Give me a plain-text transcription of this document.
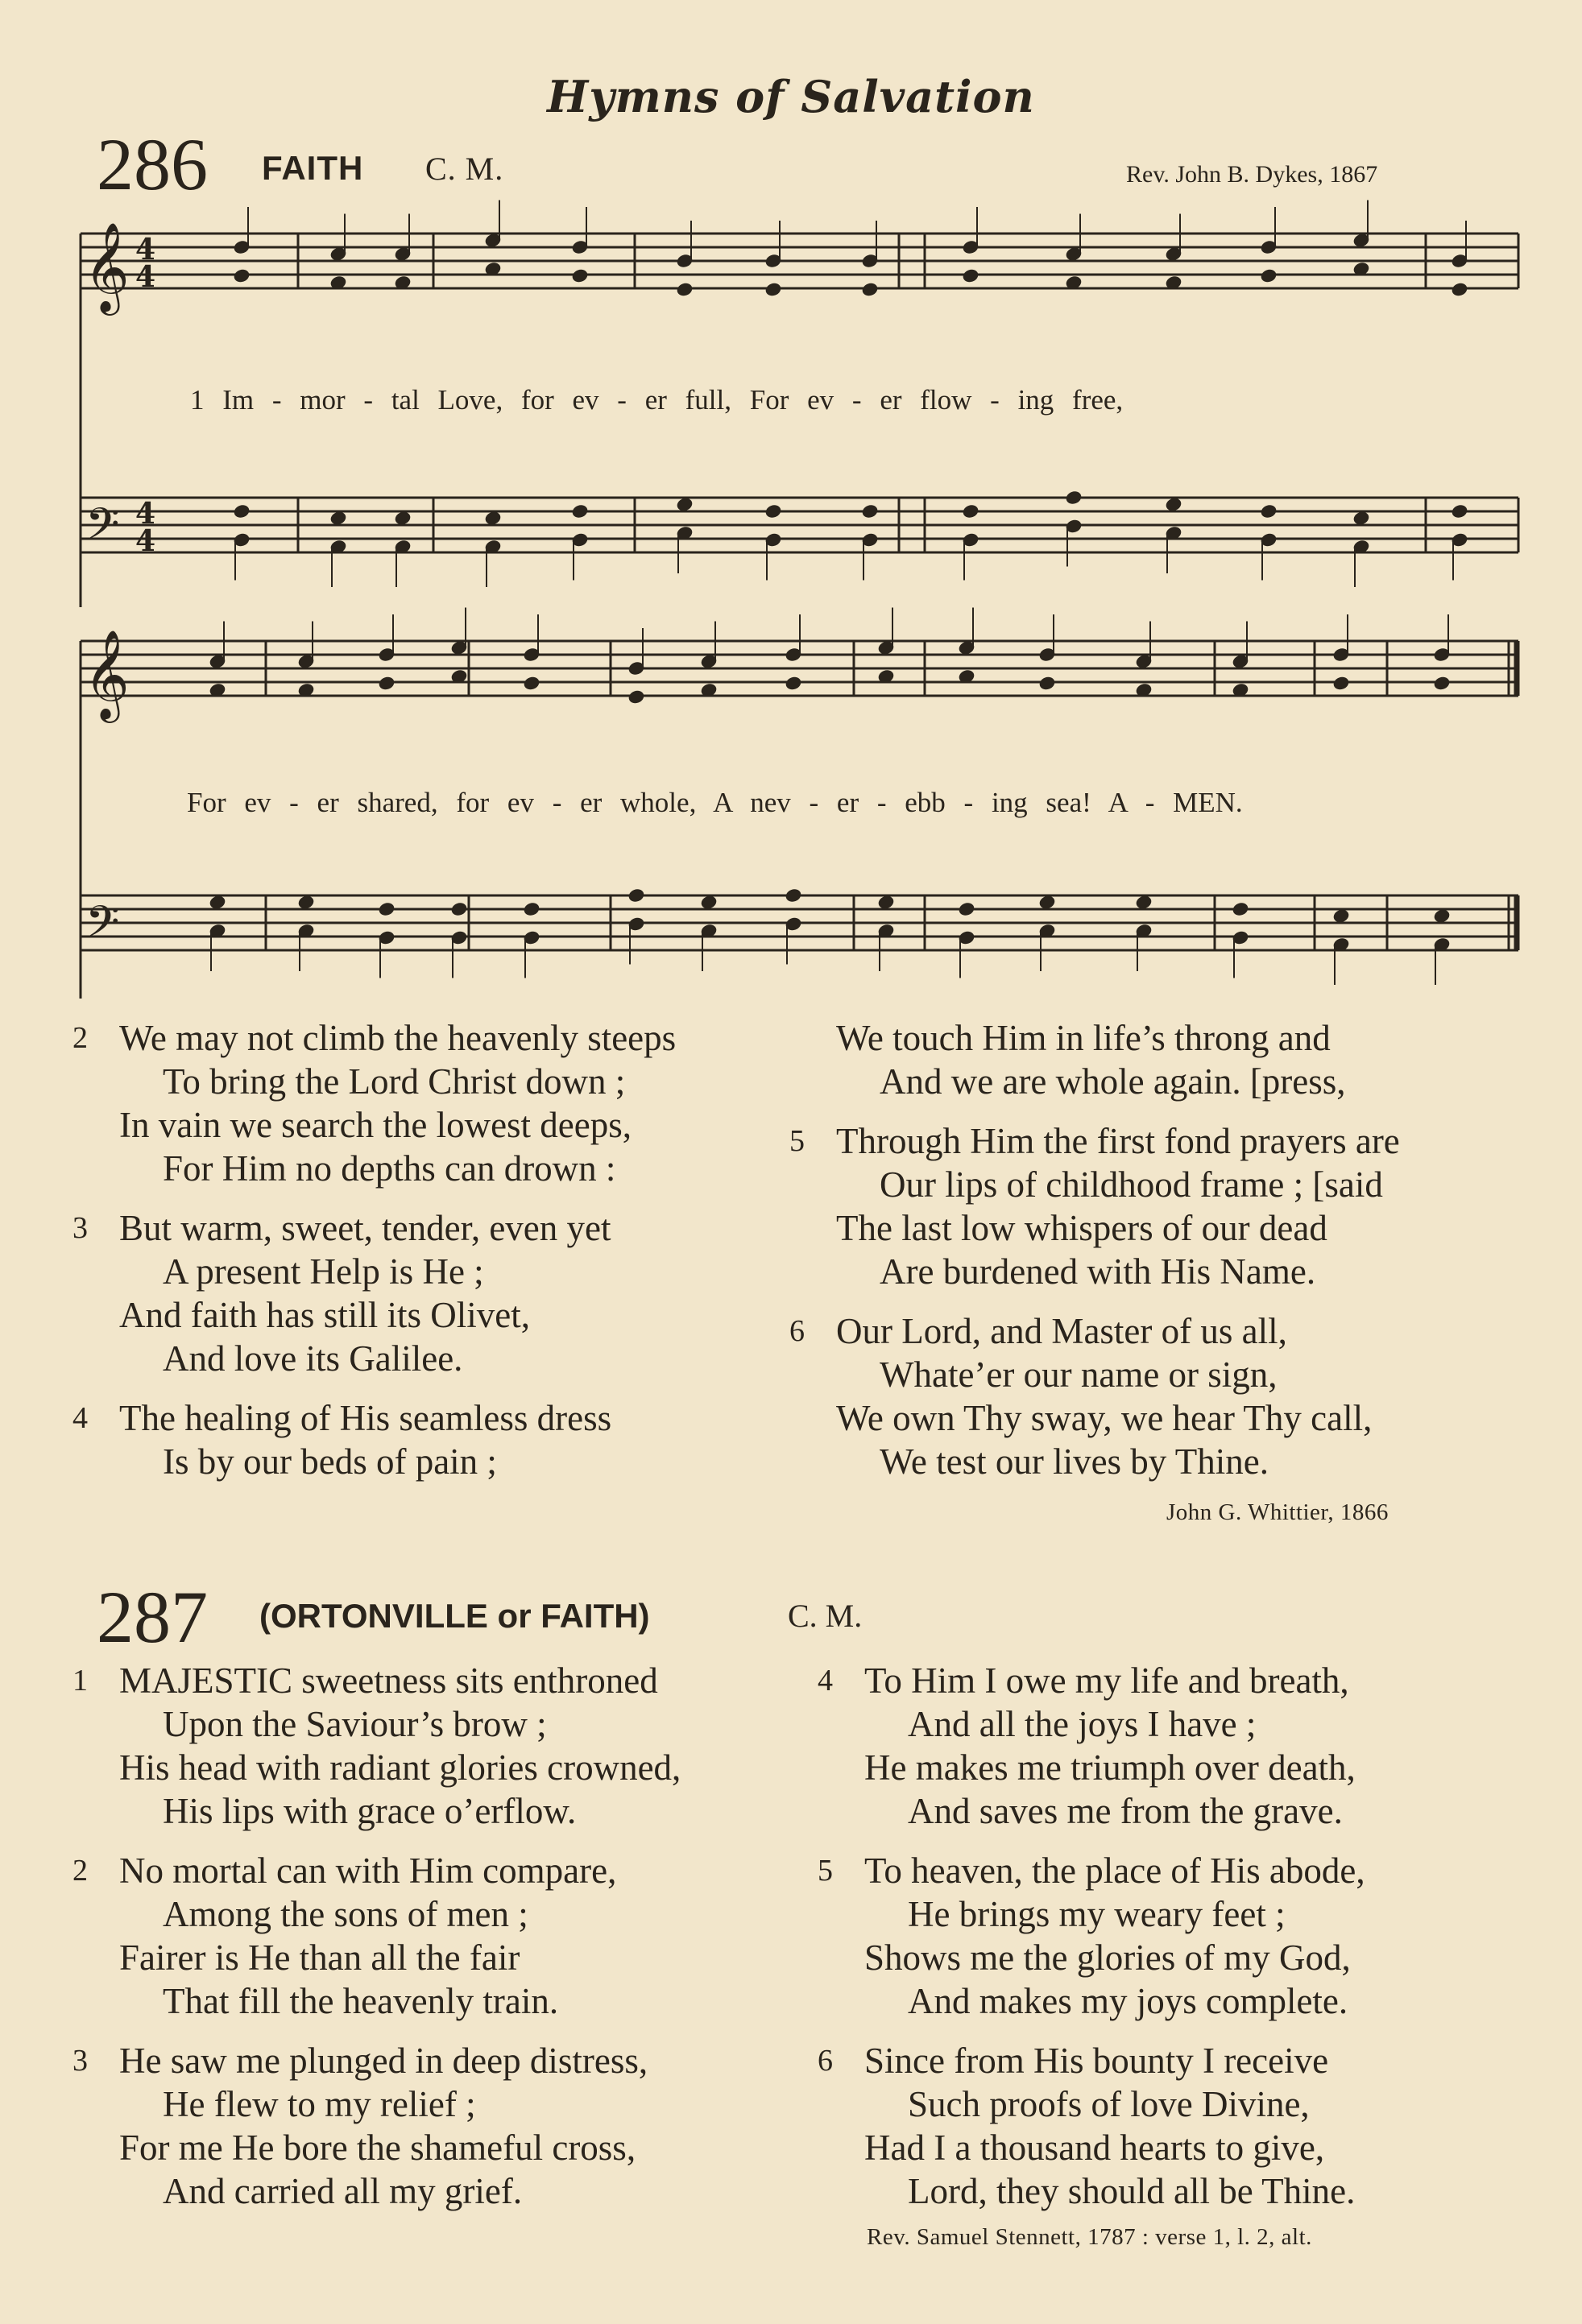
Hymns of Salvation
286 FAITH C. M.	Rev. John B. Dykes, 1867
𝄞
𝄞
𝄢
𝄢
4
4
4
4
1 Im - mor - tal Love, for ev - er full, For ev - er flow - ing free,
For ev - er shared, for ev - er whole, A nev - er - ebb - ing sea! A - MEN.
2 We may not climb the heavenly steeps
To bring the Lord Christ down ;
In vain we search the lowest deeps,
For Him no depths can drown :
3 But warm, sweet, tender, even yet
A present Help is He ;
And faith has still its Olivet,
And love its Galilee.
4 The healing of His seamless dress
Is by our beds of pain ;
We touch Him in life’s throng and
And we are whole again. [press,
5 Through Him the first fond prayers are
Our lips of childhood frame ; [said
The last low whispers of our dead
Are burdened with His Name.
6 Our Lord, and Master of us all,
Whate’er our name or sign,
We own Thy sway, we hear Thy call,
We test our lives by Thine.
John G. Whittier, 1866
287 (ORTONVILLE or FAITH)	C. M.
1 MAJESTIC sweetness sits enthroned
Upon the Saviour’s brow ;
His head with radiant glories crowned,
His lips with grace o’erflow.
2 No mortal can with Him compare,
Among the sons of men ;
Fairer is He than all the fair
That fill the heavenly train.
3 He saw me plunged in deep distress,
He flew to my relief ;
For me He bore the shameful cross,
And carried all my grief.
4 To Him I owe my life and breath,
And all the joys I have ;
He makes me triumph over death,
And saves me from the grave.
5 To heaven, the place of His abode,
He brings my weary feet ;
Shows me the glories of my God,
And makes my joys complete.
6 Since from His bounty I receive
Such proofs of love Divine,
Had I a thousand hearts to give,
Lord, they should all be Thine.
Rev. Samuel Stennett, 1787 : verse 1, l. 2, alt.
